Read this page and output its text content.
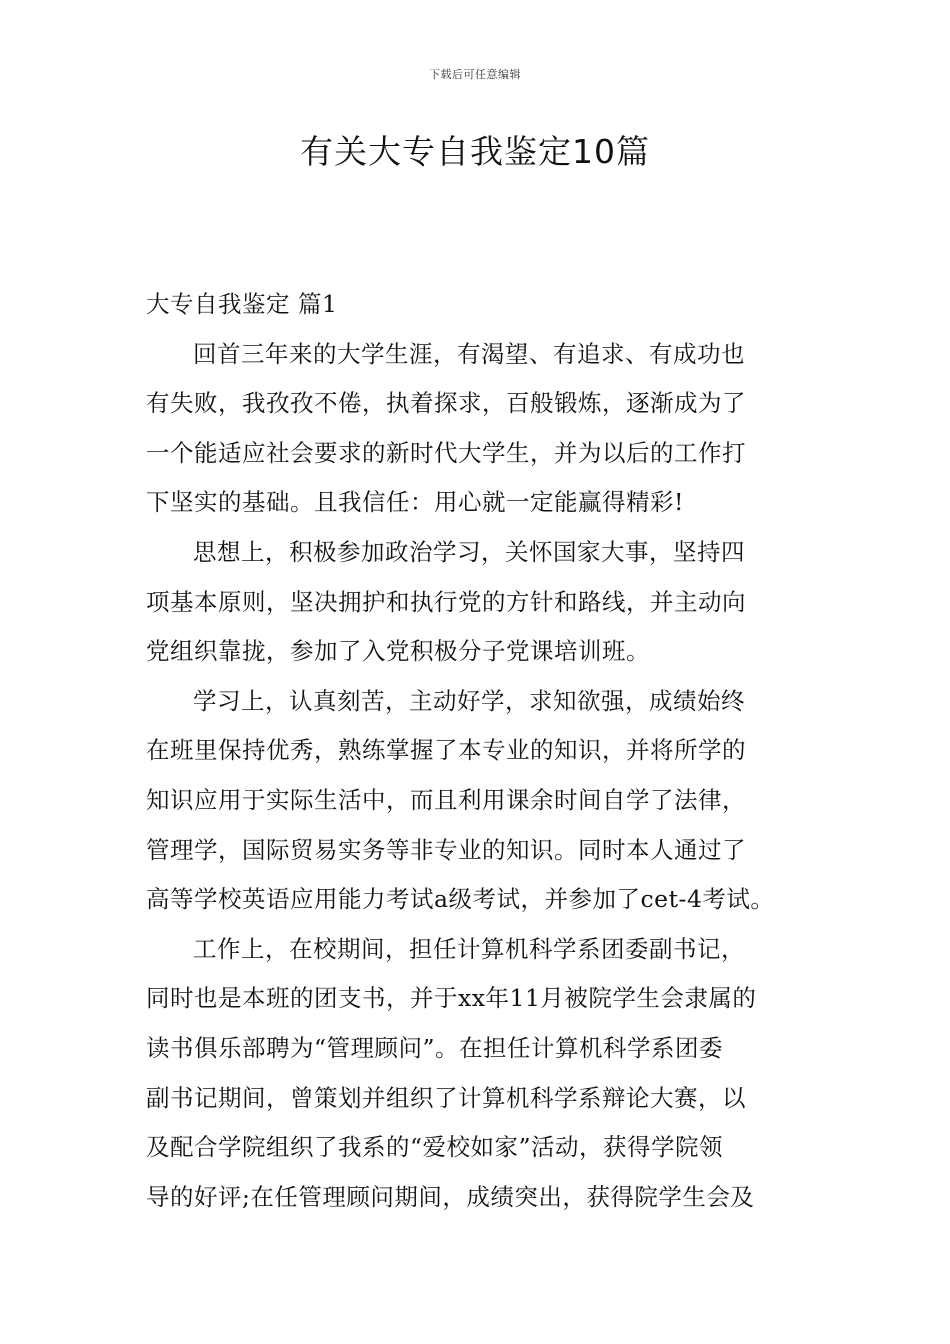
下载后可任意编辑
有关大专自我鉴定10篇

大专自我鉴定 篇1

回首三年来的大学生涯，有渴望、有追求、有成功也
有失败，我孜孜不倦，执着探求，百般锻炼，逐渐成为了
一个能适应社会要求的新时代大学生，并为以后的工作打
下坚实的基础。且我信任：用心就一定能赢得精彩!
思想上，积极参加政治学习，关怀国家大事，坚持四
项基本原则，坚决拥护和执行党的方针和路线，并主动向
党组织靠拢，参加了入党积极分子党课培训班。
学习上，认真刻苦，主动好学，求知欲强，成绩始终
在班里保持优秀，熟练掌握了本专业的知识，并将所学的
知识应用于实际生活中，而且利用课余时间自学了法律，
管理学，国际贸易实务等非专业的知识。同时本人通过了
高等学校英语应用能力考试a级考试，并参加了cet-4考试。
工作上，在校期间，担任计算机科学系团委副书记，
同时也是本班的团支书，并于xx年11月被院学生会隶属的
读书俱乐部聘为“管理顾问”。在担任计算机科学系团委
副书记期间，曾策划并组织了计算机科学系辩论大赛，以
及配合学院组织了我系的“爱校如家”活动，获得学院领
导的好评;在任管理顾问期间，成绩突出，获得院学生会及
